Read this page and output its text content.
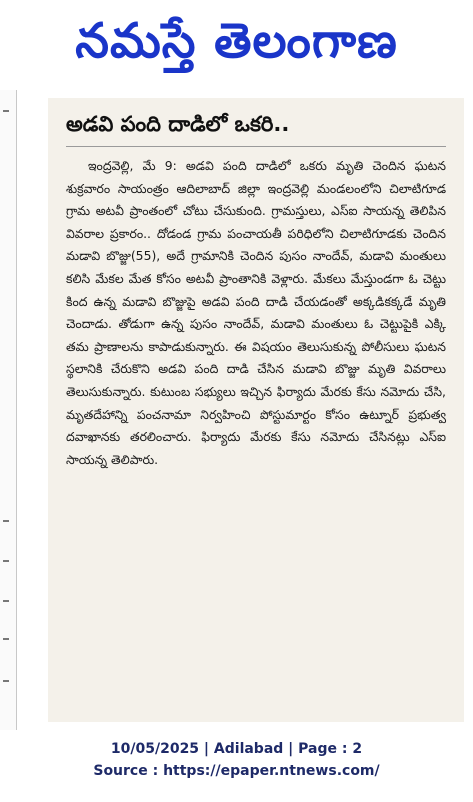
నమస్తే తెలంగాణ
అడవి పంది దాడిలో ఒకరి..

ఇంద్రవెల్లి, మే 9: అడవి పంది దాడిలో ఒకరు మృతి చెందిన ఘటన శుక్రవారం సాయంత్రం ఆదిలాబాద్ జిల్లా ఇంద్రవెల్లి మండలంలోని చిలాటిగూడ గ్రామ అటవీ ప్రాంతంలో చోటు చేసుకుంది. గ్రామస్తులు, ఎస్ఐ సాయన్న తెలిపిన వివరాల ప్రకారం.. దోడండ గ్రామ పంచాయతీ పరిధిలోని చిలాటిగూడకు చెందిన మడావి బొజ్జు(55), అదే గ్రామానికి చెందిన పుసం నాందేవ్, మడావి మంతులు కలిసి మేకల మేత కోసం అటవీ ప్రాంతానికి వెళ్లారు. మేకలు మేస్తుండగా ఓ చెట్టు కింద ఉన్న మడావి బొజ్జుపై అడవి పంది దాడి చేయడంతో అక్కడికక్కడే మృతి చెందాడు. తోడుగా ఉన్న పుసం నాందేవ్, మడావి మంతులు ఓ చెట్టుపైకి ఎక్కి తమ ప్రాణాలను కాపాడుకున్నారు. ఈ విషయం తెలుసుకున్న పోలీసులు ఘటన స్థలానికి చేరుకొని అడవి పంది దాడి చేసిన మడావి బొజ్జు మృతి వివరాలు తెలుసుకున్నారు. కుటుంబ సభ్యులు ఇచ్చిన ఫిర్యాదు మేరకు కేసు నమోదు చేసి, మృతదేహాన్ని పంచనామా నిర్వహించి పోస్టుమార్టం కోసం ఉట్నూర్ ప్రభుత్వ దవాఖానకు తరలించారు. ఫిర్యాదు మేరకు కేసు నమోదు చేసినట్లు ఎస్ఐ సాయన్న తెలిపారు.

10/05/2025 | Adilabad | Page : 2
Source : https://epaper.ntnews.com/
